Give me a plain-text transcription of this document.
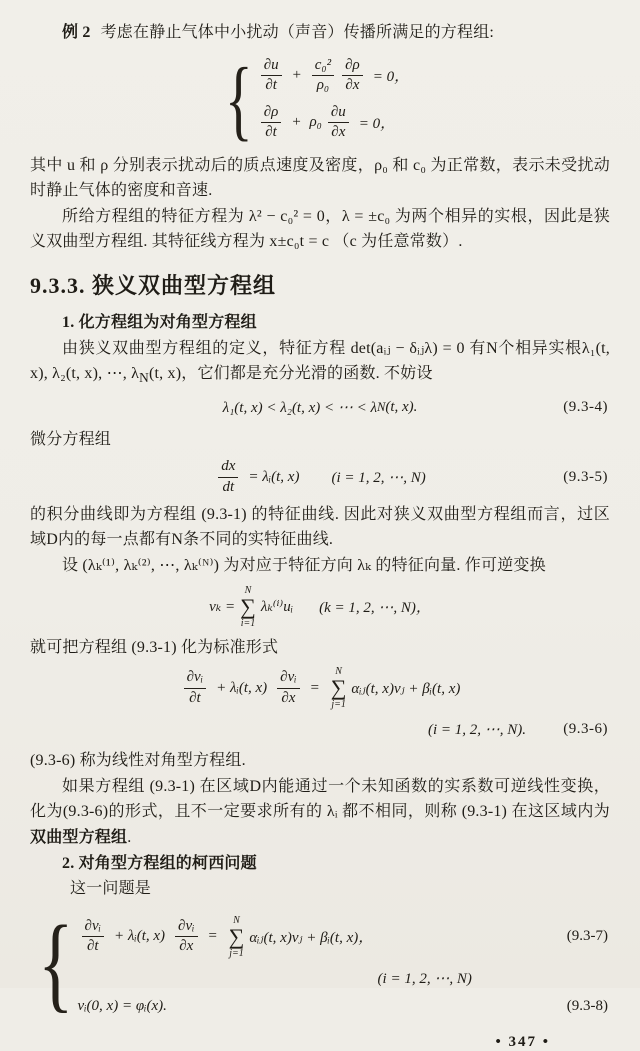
例 2 考虑在静止气体中小扰动（声音）传播所满足的方程组:

{ $\frac{\partial u}{\partial t} + \frac{\text{c₀²}}{\text{ρ₀}} \frac{\partial\rho}{\partial x} = 0$，
$\frac{\partial\rho}{\partial t} + \rho_0 \frac{\partial u}{\partial x} = 0$，

其中 u 和 ρ 分别表示扰动后的质点速度及密度，ρ₀ 和 c₀ 为正常数，表示未受扰动时静止气体的密度和音速.

所给方程组的特征方程为 λ² − c₀² = 0，λ = ±c₀ 为两个相异的实根，因此是狭义双曲型方程组. 其特征线方程为 x±c₀t = c （c 为任意常数）.

9.3.3. 狭义双曲型方程组

1. 化方程组为对角型方程组

由狭义双曲型方程组的定义，特征方程 det(aᵢⱼ − δᵢⱼλ) = 0 有N个相异实根λ₁(t, x), λ₂(t, x), ⋯, $\lambda_N(t$, x)，它们都是充分光滑的函数. 不妨设

λ₁(t, x) < λ₂(t, x) < ⋯ < λ N (t, x).	(9.3-4)

微分方程组

$\frac{dx}{dt}$ = λᵢ(t, x) (i = 1, 2, ⋯, N)	(9.3-5)

的积分曲线即为方程组 (9.3-1) 的特征曲线. 因此对狭义双曲型方程组而言，过区域D内的每一点都有N条不同的实特征曲线.

设 (λₖ⁽¹⁾, λₖ⁽²⁾, ⋯, λₖ⁽ᴺ⁾) 为对应于特征方向 λₖ 的特征向量. 作可逆变换

vₖ =
N
∑
i=1
λₖ⁽ⁱ⁾uᵢ (k = 1, 2, ⋯, N)，

就可把方程组 (9.3-1) 化为标准形式

$\frac{\text{∂vᵢ}}{\partial t}$ + λᵢ(t, $x) \frac{\text{∂vᵢ}}{\partial x}$ =
N
∑
j=1
αᵢⱼ(t, x)vⱼ + βᵢ(t, x)
(i = 1, 2, ⋯, N). (9.3-6)

(9.3-6) 称为线性对角型方程组.

如果方程组 (9.3-1) 在区域D内能通过一个未知函数的实系数可逆线性变换，化为(9.3-6)的形式，且不一定要求所有的 λᵢ 都不相同，则称 (9.3-1) 在这区域内为双曲型方程组.

2. 对角型方程组的柯西问题

这一问题是

{ $\frac{\text{∂vᵢ}}{\partial t}$ + λᵢ(t, $x) \frac{\text{∂vᵢ}}{\partial x}$ =
N
∑
j=1
αᵢⱼ(t, x)vⱼ + βᵢ(t, x)，	(9.3-7)
(i = 1, 2, ⋯, N)
vᵢ(0, x) = φᵢ(x).	(9.3-8)
• 347 •
